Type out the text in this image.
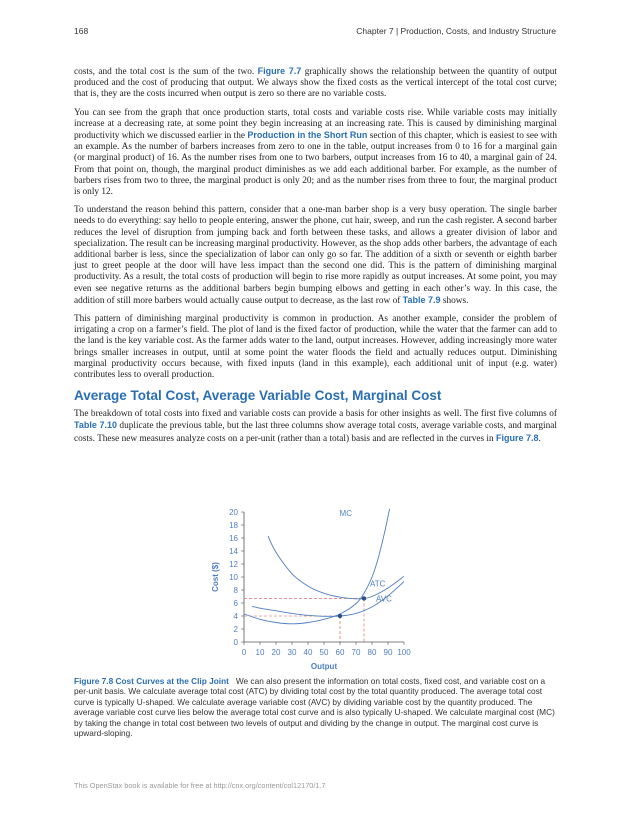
168	Chapter 7 | Production, Costs, and Industry Structure

costs, and the total cost is the sum of the two. Figure 7.7 graphically shows the relationship between the quantity of output produced and the cost of producing that output. We always show the fixed costs as the vertical intercept of the total cost curve; that is, they are the costs incurred when output is zero so there are no variable costs.

You can see from the graph that once production starts, total costs and variable costs rise. While variable costs may initially increase at a decreasing rate, at some point they begin increasing at an increasing rate. This is caused by diminishing marginal productivity which we discussed earlier in the Production in the Short Run section of this chapter, which is easiest to see with an example. As the number of barbers increases from zero to one in the table, output increases from 0 to 16 for a marginal gain (or marginal product) of 16. As the number rises from one to two barbers, output increases from 16 to 40, a marginal gain of 24. From that point on, though, the marginal product diminishes as we add each additional barber. For example, as the number of barbers rises from two to three, the marginal product is only 20; and as the number rises from three to four, the marginal product is only 12.

To understand the reason behind this pattern, consider that a one-man barber shop is a very busy operation. The single barber needs to do everything: say hello to people entering, answer the phone, cut hair, sweep, and run the cash register. A second barber reduces the level of disruption from jumping back and forth between these tasks, and allows a greater division of labor and specialization. The result can be increasing marginal productivity. However, as the shop adds other barbers, the advantage of each additional barber is less, since the specialization of labor can only go so far. The addition of a sixth or seventh or eighth barber just to greet people at the door will have less impact than the second one did. This is the pattern of diminishing marginal productivity. As a result, the total costs of production will begin to rise more rapidly as output increases. At some point, you may even see negative returns as the additional barbers begin bumping elbows and getting in each other’s way. In this case, the addition of still more barbers would actually cause output to decrease, as the last row of Table 7.9 shows.

This pattern of diminishing marginal productivity is common in production. As another example, consider the problem of irrigating a crop on a farmer’s field. The plot of land is the fixed factor of production, while the water that the farmer can add to the land is the key variable cost. As the farmer adds water to the land, output increases. However, adding increasingly more water brings smaller increases in output, until at some point the water floods the field and actually reduces output. Diminishing marginal productivity occurs because, with fixed inputs (land in this example), each additional unit of input (e.g. water) contributes less to overall production.

Average Total Cost, Average Variable Cost, Marginal Cost

The breakdown of total costs into fixed and variable costs can provide a basis for other insights as well. The first five columns of Table 7.10 duplicate the previous table, but the last three columns show average total costs, average variable costs, and marginal costs. These new measures analyze costs on a per-unit (rather than a total) basis and are reflected in the curves in Figure 7.8.

0
2
4
6
8
10
12
14
16
18
20
0 10 20 30 40 50 60 70 80 90 100
Output
Cost ($)
MC
ATC
AVC
Figure 7.8 Cost Curves at the Clip Joint We can also present the information on total costs, fixed cost, and variable cost on a per-unit basis. We calculate average total cost (ATC) by dividing total cost by the total quantity produced. The average total cost curve is typically U-shaped. We calculate average variable cost (AVC) by dividing variable cost by the quantity produced. The average variable cost curve lies below the average total cost curve and is also typically U-shaped. We calculate marginal cost (MC) by taking the change in total cost between two levels of output and dividing by the change in output. The marginal cost curve is upward-sloping.
This OpenStax book is available for free at http://cnx.org/content/col12170/1.7
